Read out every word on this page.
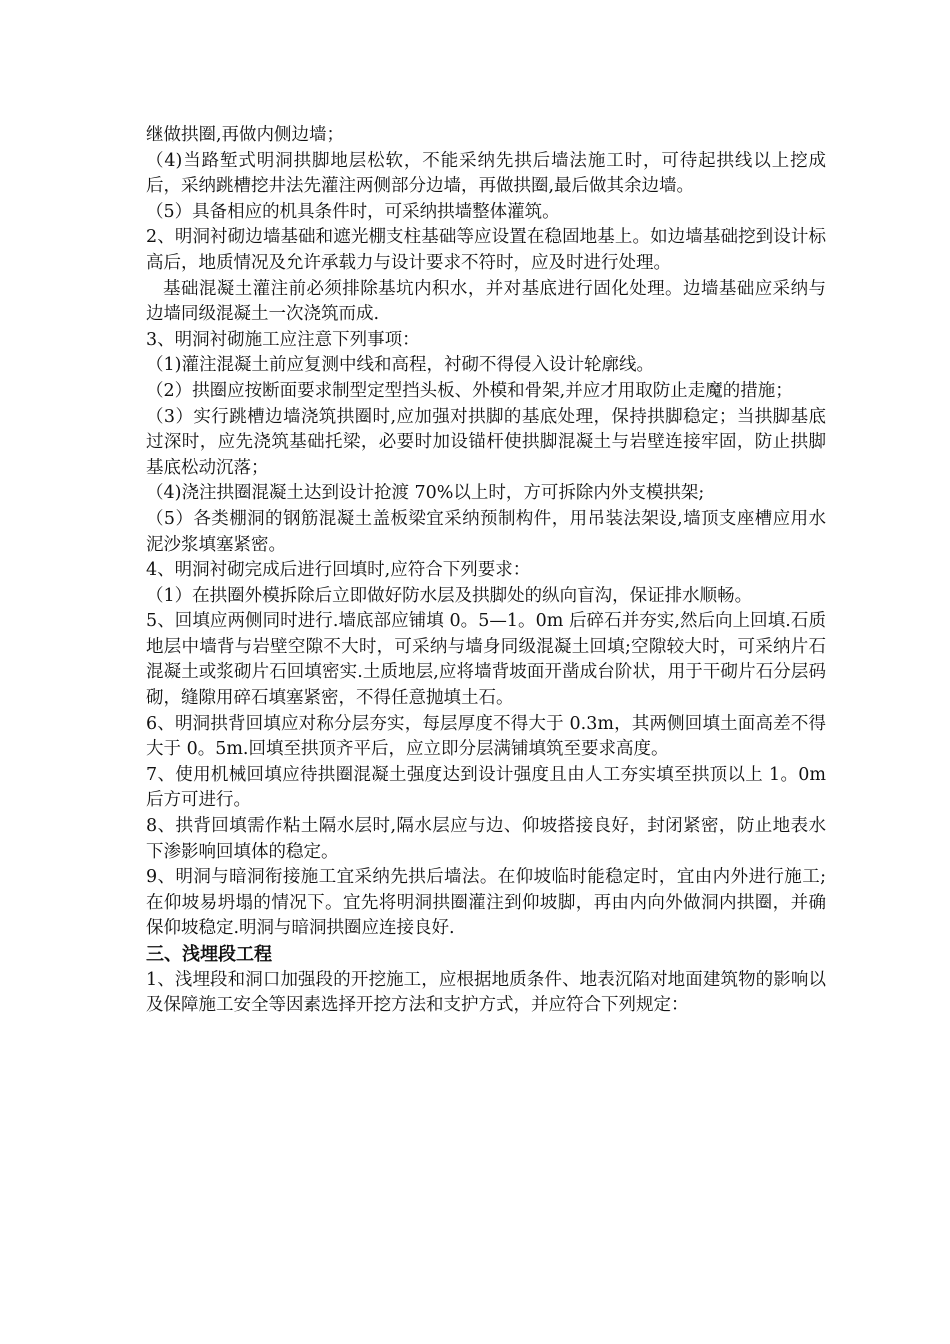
继做拱圈,再做内侧边墙；

（4)当路堑式明洞拱脚地层松软，不能采纳先拱后墙法施工时，可待起拱线以上挖成后，采纳跳槽挖井法先灌注两侧部分边墙，再做拱圈,最后做其余边墙。

（5）具备相应的机具条件时，可采纳拱墙整体灌筑。

2、明洞衬砌边墙基础和遮光棚支柱基础等应设置在稳固地基上。如边墙基础挖到设计标高后，地质情况及允许承载力与设计要求不符时，应及时进行处理。

基础混凝土灌注前必须排除基坑内积水，并对基底进行固化处理。边墙基础应采纳与边墙同级混凝土一次浇筑而成.

3、明洞衬砌施工应注意下列事项：

（1)灌注混凝土前应复测中线和高程，衬砌不得侵入设计轮廓线。

（2）拱圈应按断面要求制型定型挡头板、外模和骨架,并应才用取防止走魔的措施；

（3）实行跳槽边墙浇筑拱圈时,应加强对拱脚的基底处理，保持拱脚稳定；当拱脚基底过深时，应先浇筑基础托梁，必要时加设锚杆使拱脚混凝土与岩壁连接牢固，防止拱脚基底松动沉落；

（4)浇注拱圈混凝土达到设计抢渡 70%以上时，方可拆除内外支模拱架;

（5）各类棚洞的钢筋混凝土盖板梁宜采纳预制构件，用吊装法架设,墙顶支座槽应用水泥沙浆填塞紧密。

4、明洞衬砌完成后进行回填时,应符合下列要求：

（1）在拱圈外模拆除后立即做好防水层及拱脚处的纵向盲沟，保证排水顺畅。

5、回填应两侧同时进行.墙底部应铺填 0。5—1。0m 后碎石并夯实,然后向上回填.石质地层中墙背与岩壁空隙不大时，可采纳与墙身同级混凝土回填;空隙较大时，可采纳片石混凝土或浆砌片石回填密实.土质地层,应将墙背坡面开凿成台阶状，用于干砌片石分层码砌，缝隙用碎石填塞紧密，不得任意抛填土石。

6、明洞拱背回填应对称分层夯实，每层厚度不得大于 0.3m，其两侧回填土面高差不得大于 0。5m.回填至拱顶齐平后，应立即分层满铺填筑至要求高度。

7、使用机械回填应待拱圈混凝土强度达到设计强度且由人工夯实填至拱顶以上 1。0m 后方可进行。

8、拱背回填需作粘土隔水层时,隔水层应与边、仰坡搭接良好，封闭紧密，防止地表水下渗影响回填体的稳定。

9、明洞与暗洞衔接施工宜采纳先拱后墙法。在仰坡临时能稳定时，宜由内外进行施工;在仰坡易坍塌的情况下。宜先将明洞拱圈灌注到仰坡脚，再由内向外做洞内拱圈，并确保仰坡稳定.明洞与暗洞拱圈应连接良好.

三、浅埋段工程

1、浅埋段和洞口加强段的开挖施工，应根据地质条件、地表沉陷对地面建筑物的影响以及保障施工安全等因素选择开挖方法和支护方式，并应符合下列规定：
